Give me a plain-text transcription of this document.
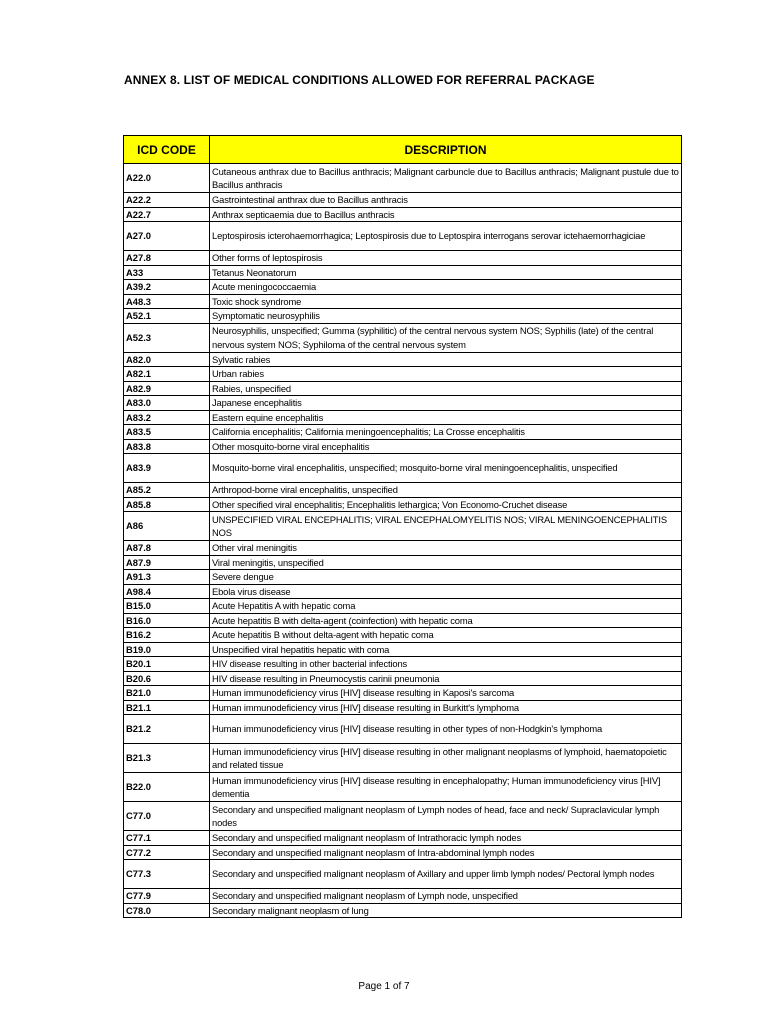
ANNEX 8. LIST OF MEDICAL CONDITIONS ALLOWED FOR REFERRAL PACKAGE
ICD CODE	DESCRIPTION
A22.0	Cutaneous anthrax due to Bacillus anthracis; Malignant carbuncle due to Bacillus anthracis; Malignant pustule due to Bacillus anthracis
A22.2	Gastrointestinal anthrax due to Bacillus anthracis
A22.7	Anthrax septicaemia due to Bacillus anthracis
A27.0	Leptospirosis icterohaemorrhagica; Leptospirosis due to Leptospira interrogans serovar ictehaemorrhagiciae
A27.8	Other forms of leptospirosis
A33	Tetanus Neonatorum
A39.2	Acute meningococcaemia
A48.3	Toxic shock syndrome
A52.1	Symptomatic neurosyphilis
A52.3	Neurosyphilis, unspecified; Gumma (syphilitic) of the central nervous system NOS; Syphilis (late) of the central nervous system NOS; Syphiloma of the central nervous system
A82.0	Sylvatic rabies
A82.1	Urban rabies
A82.9	Rabies, unspecified
A83.0	Japanese encephalitis
A83.2	Eastern equine encephalitis
A83.5	California encephalitis; California meningoencephalitis; La Crosse encephalitis
A83.8	Other mosquito-borne viral encephalitis
A83.9	Mosquito-borne viral encephalitis, unspecified; mosquito-borne viral meningoencephalitis, unspecified
A85.2	Arthropod-borne viral encephalitis, unspecified
A85.8	Other specified viral encephalitis; Encephalitis lethargica; Von Economo-Cruchet disease
A86	UNSPECIFIED VIRAL ENCEPHALITIS; VIRAL ENCEPHALOMYELITIS NOS; VIRAL MENINGOENCEPHALITIS NOS
A87.8	Other viral meningitis
A87.9	Viral meningitis, unspecified
A91.3	Severe dengue
A98.4	Ebola virus disease
B15.0	Acute Hepatitis A with hepatic coma
B16.0	Acute hepatitis B with delta-agent (coinfection) with hepatic coma
B16.2	Acute hepatitis B without delta-agent with hepatic coma
B19.0	Unspecified viral hepatitis hepatic with coma
B20.1	HIV disease resulting in other bacterial infections
B20.6	HIV disease resulting in Pneumocystis carinii pneumonia
B21.0	Human immunodeficiency virus [HIV] disease resulting in Kaposi's sarcoma
B21.1	Human immunodeficiency virus [HIV] disease resulting in Burkitt's lymphoma
B21.2	Human immunodeficiency virus [HIV] disease resulting in other types of non-Hodgkin's lymphoma
B21.3	Human immunodeficiency virus [HIV] disease resulting in other malignant neoplasms of lymphoid, haematopoietic and related tissue
B22.0	Human immunodeficiency virus [HIV] disease resulting in encephalopathy; Human immunodeficiency virus [HIV] dementia
C77.0	Secondary and unspecified malignant neoplasm of Lymph nodes of head, face and neck/ Supraclavicular lymph nodes
C77.1	Secondary and unspecified malignant neoplasm of Intrathoracic lymph nodes
C77.2	Secondary and unspecified malignant neoplasm of Intra-abdominal lymph nodes
C77.3	Secondary and unspecified malignant neoplasm of Axillary and upper limb lymph nodes/ Pectoral lymph nodes
C77.9	Secondary and unspecified malignant neoplasm of Lymph node, unspecified
C78.0	Secondary malignant neoplasm of lung
Page 1 of 7
